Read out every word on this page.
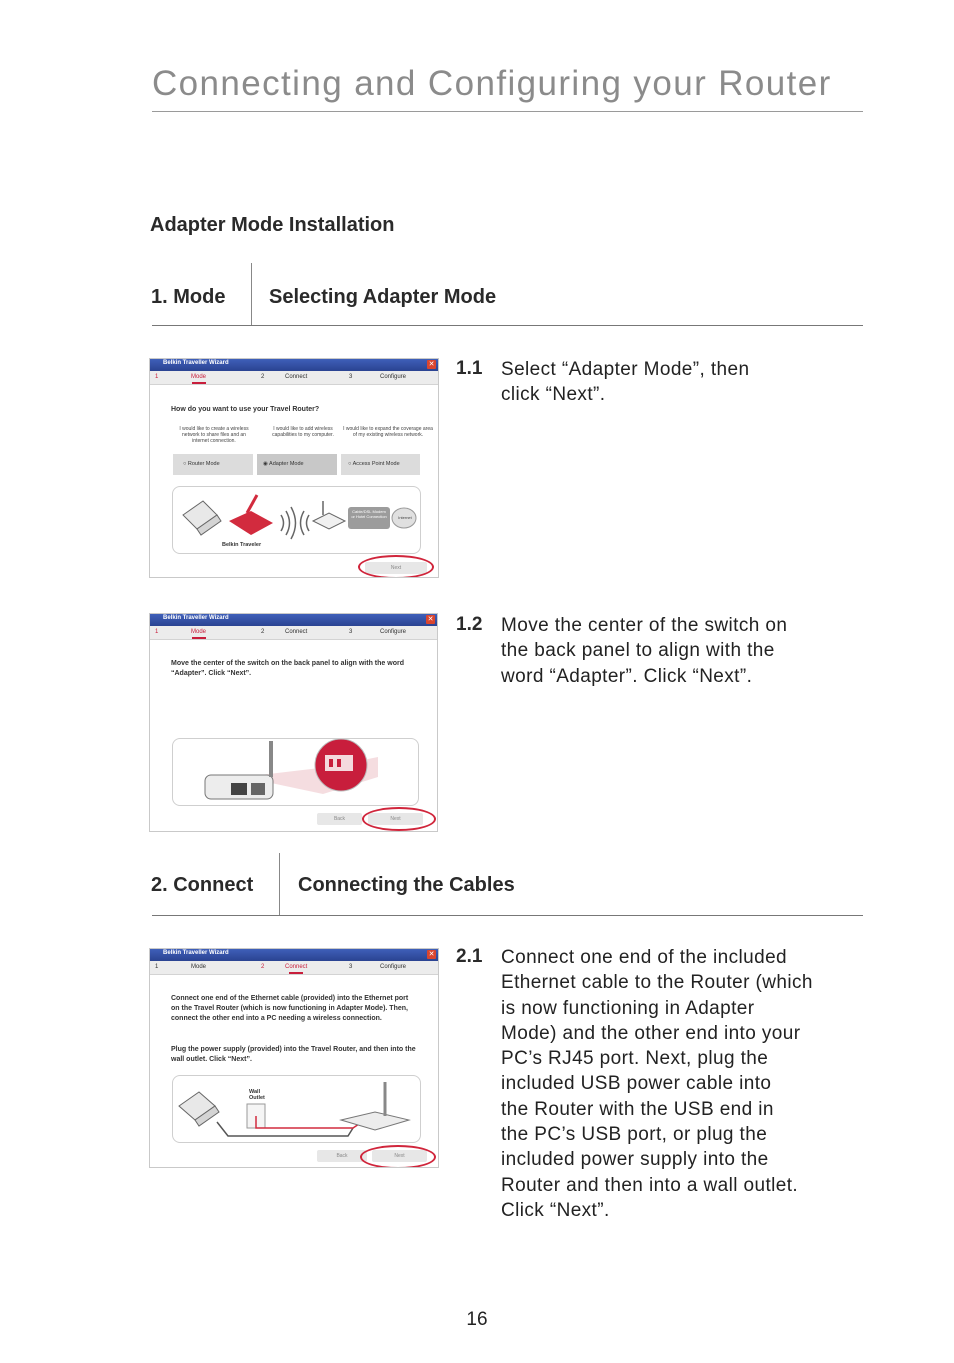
Connecting and Configuring your Router
Adapter Mode Installation
1. Mode Selecting Adapter Mode
2. Connect Connecting the Cables
1.1 Select “Adapter Mode”, then
click “Next”.
1.2 Move the center of the switch on
the back panel to align with the
word “Adapter”. Click “Next”.
2.1 Connect one end of the included
Ethernet cable to the Router (which
is now functioning in Adapter
Mode) and the other end into your
PC’s RJ45 port. Next, plug the
included USB power cable into
the Router with the USB end in
the PC’s USB port, or plug the
included power supply into the
Router and then into a wall outlet.
Click “Next”.
Belkin Traveller Wizard	✕
1	Mode	2	Connect	3	Configure
How do you want to use your Travel Router?
I would like to create a wireless network to share files and an internet connection.
I would like to add wireless capabilities to my computer.
I would like to expand the coverage area of my existing wireless network.
○ Router Mode	◉ Adapter Mode	○ Access Point Mode
Belkin Traveler
Cable/DSL Modem or Hotel Connection	Internet
Next
Belkin Traveller Wizard	✕
1	Mode	2	Connect	3	Configure
Move the center of the switch on the back panel to align with the word “Adapter”. Click “Next”.
Back	Next
Belkin Traveller Wizard	✕
1	Mode	2	Connect	3	Configure
Connect one end of the Ethernet cable (provided) into the Ethernet port on the Travel Router (which is now functioning in Adapter Mode). Then, connect the other end into a PC needing a wireless connection.
Plug the power supply (provided) into the Travel Router, and then into the wall outlet. Click “Next”.
Wall Outlet
Back	Next
16
